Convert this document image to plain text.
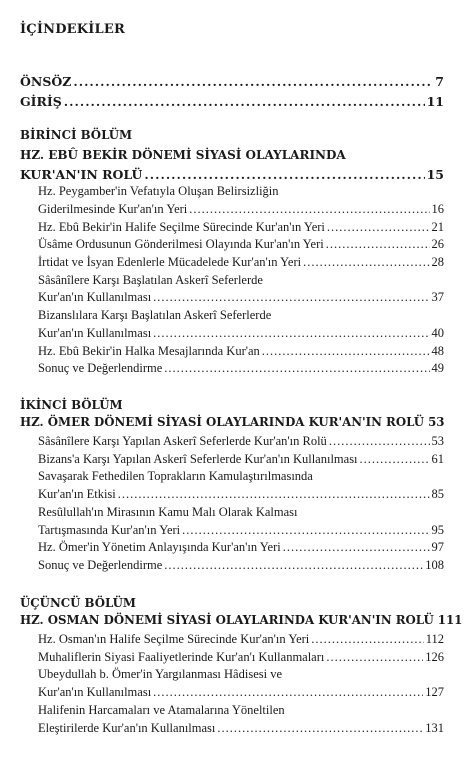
İÇİNDEKİLER
ÖNSÖZ .....	7
GİRİŞ .....	11
BİRİNCİ BÖLÜM
HZ. EBÛ BEKİR DÖNEMİ SİYASİ OLAYLARINDA
KUR'AN'IN ROLÜ .....	15
Hz. Peygamber'in Vefatıyla Oluşan Belirsizliğin
Giderilmesinde Kur'an'ın Yeri .....	16
Hz. Ebû Bekir'in Halife Seçilme Sürecinde Kur'an'ın Yeri .....	21
Üsâme Ordusunun Gönderilmesi Olayında Kur'an'ın Yeri .....	26
İrtidat ve İsyan Edenlerle Mücadelede Kur'an'ın Yeri .....	28
Sâsânîlere Karşı Başlatılan Askerî Seferlerde
Kur'an'ın Kullanılması .....	37
Bizanslılara Karşı Başlatılan Askerî Seferlerde
Kur'an'ın Kullanılması .....	40
Hz. Ebû Bekir'in Halka Mesajlarında Kur'an .....	48
Sonuç ve Değerlendirme .....	49
İKİNCİ BÖLÜM
HZ. ÖMER DÖNEMİ SİYASİ OLAYLARINDA KUR'AN'IN ROLÜ 53
Sâsânîlere Karşı Yapılan Askerî Seferlerde Kur'an'ın Rolü .....	53
Bizans'a Karşı Yapılan Askerî Seferlerde Kur'an'ın Kullanılması .....	61
Savaşarak Fethedilen Toprakların Kamulaştırılmasında
Kur'an'ın Etkisi .....	85
Resûlullah'ın Mirasının Kamu Malı Olarak Kalması
Tartışmasında Kur'an'ın Yeri .....	95
Hz. Ömer'in Yönetim Anlayışında Kur'an'ın Yeri .....	97
Sonuç ve Değerlendirme .....	108
ÜÇÜNCÜ BÖLÜM
HZ. OSMAN DÖNEMİ SİYASİ OLAYLARINDA KUR'AN'IN ROLÜ 111
Hz. Osman'ın Halife Seçilme Sürecinde Kur'an'ın Yeri .....	112
Muhaliflerin Siyasi Faaliyetlerinde Kur'an'ı Kullanmaları .....	126
Ubeydullah b. Ömer'in Yargılanması Hâdisesi ve
Kur'an'ın Kullanılması .....	127
Halifenin Harcamaları ve Atamalarına Yöneltilen
Eleştirilerde Kur'an'ın Kullanılması .....	131
